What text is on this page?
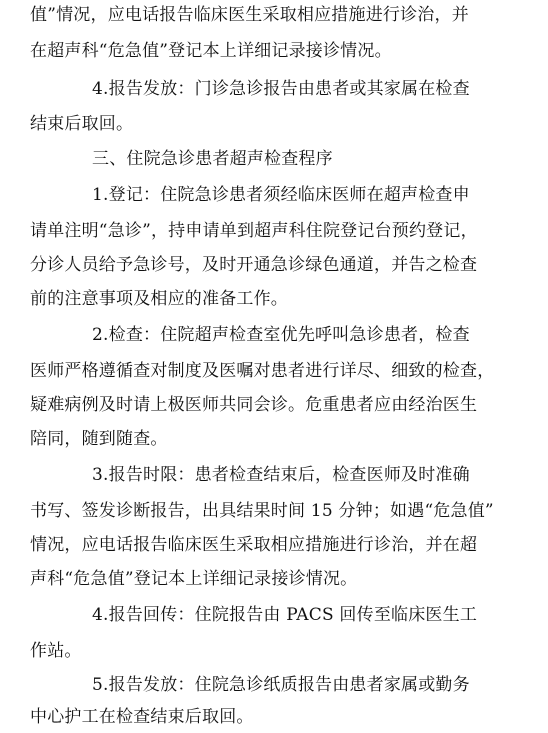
值”情况，应电话报告临床医生采取相应措施进行诊治，并
在超声科“危急值”登记本上详细记录接诊情况。
4.报告发放：门诊急诊报告由患者或其家属在检查
结束后取回。
三、住院急诊患者超声检查程序
1.登记：住院急诊患者须经临床医师在超声检查申
请单注明“急诊”，持申请单到超声科住院登记台预约登记，
分诊人员给予急诊号，及时开通急诊绿色通道，并告之检查
前的注意事项及相应的准备工作。
2.检查：住院超声检查室优先呼叫急诊患者，检查
医师严格遵循查对制度及医嘱对患者进行详尽、细致的检查，
疑难病例及时请上极医师共同会诊。危重患者应由经治医生
陪同，随到随查。
3.报告时限：患者检查结束后，检查医师及时准确
书写、签发诊断报告，出具结果时间 15 分钟；如遇“危急值”
情况，应电话报告临床医生采取相应措施进行诊治，并在超
声科“危急值”登记本上详细记录接诊情况。
4.报告回传：住院报告由 PACS 回传至临床医生工
作站。
5.报告发放：住院急诊纸质报告由患者家属或勤务
中心护工在检查结束后取回。
